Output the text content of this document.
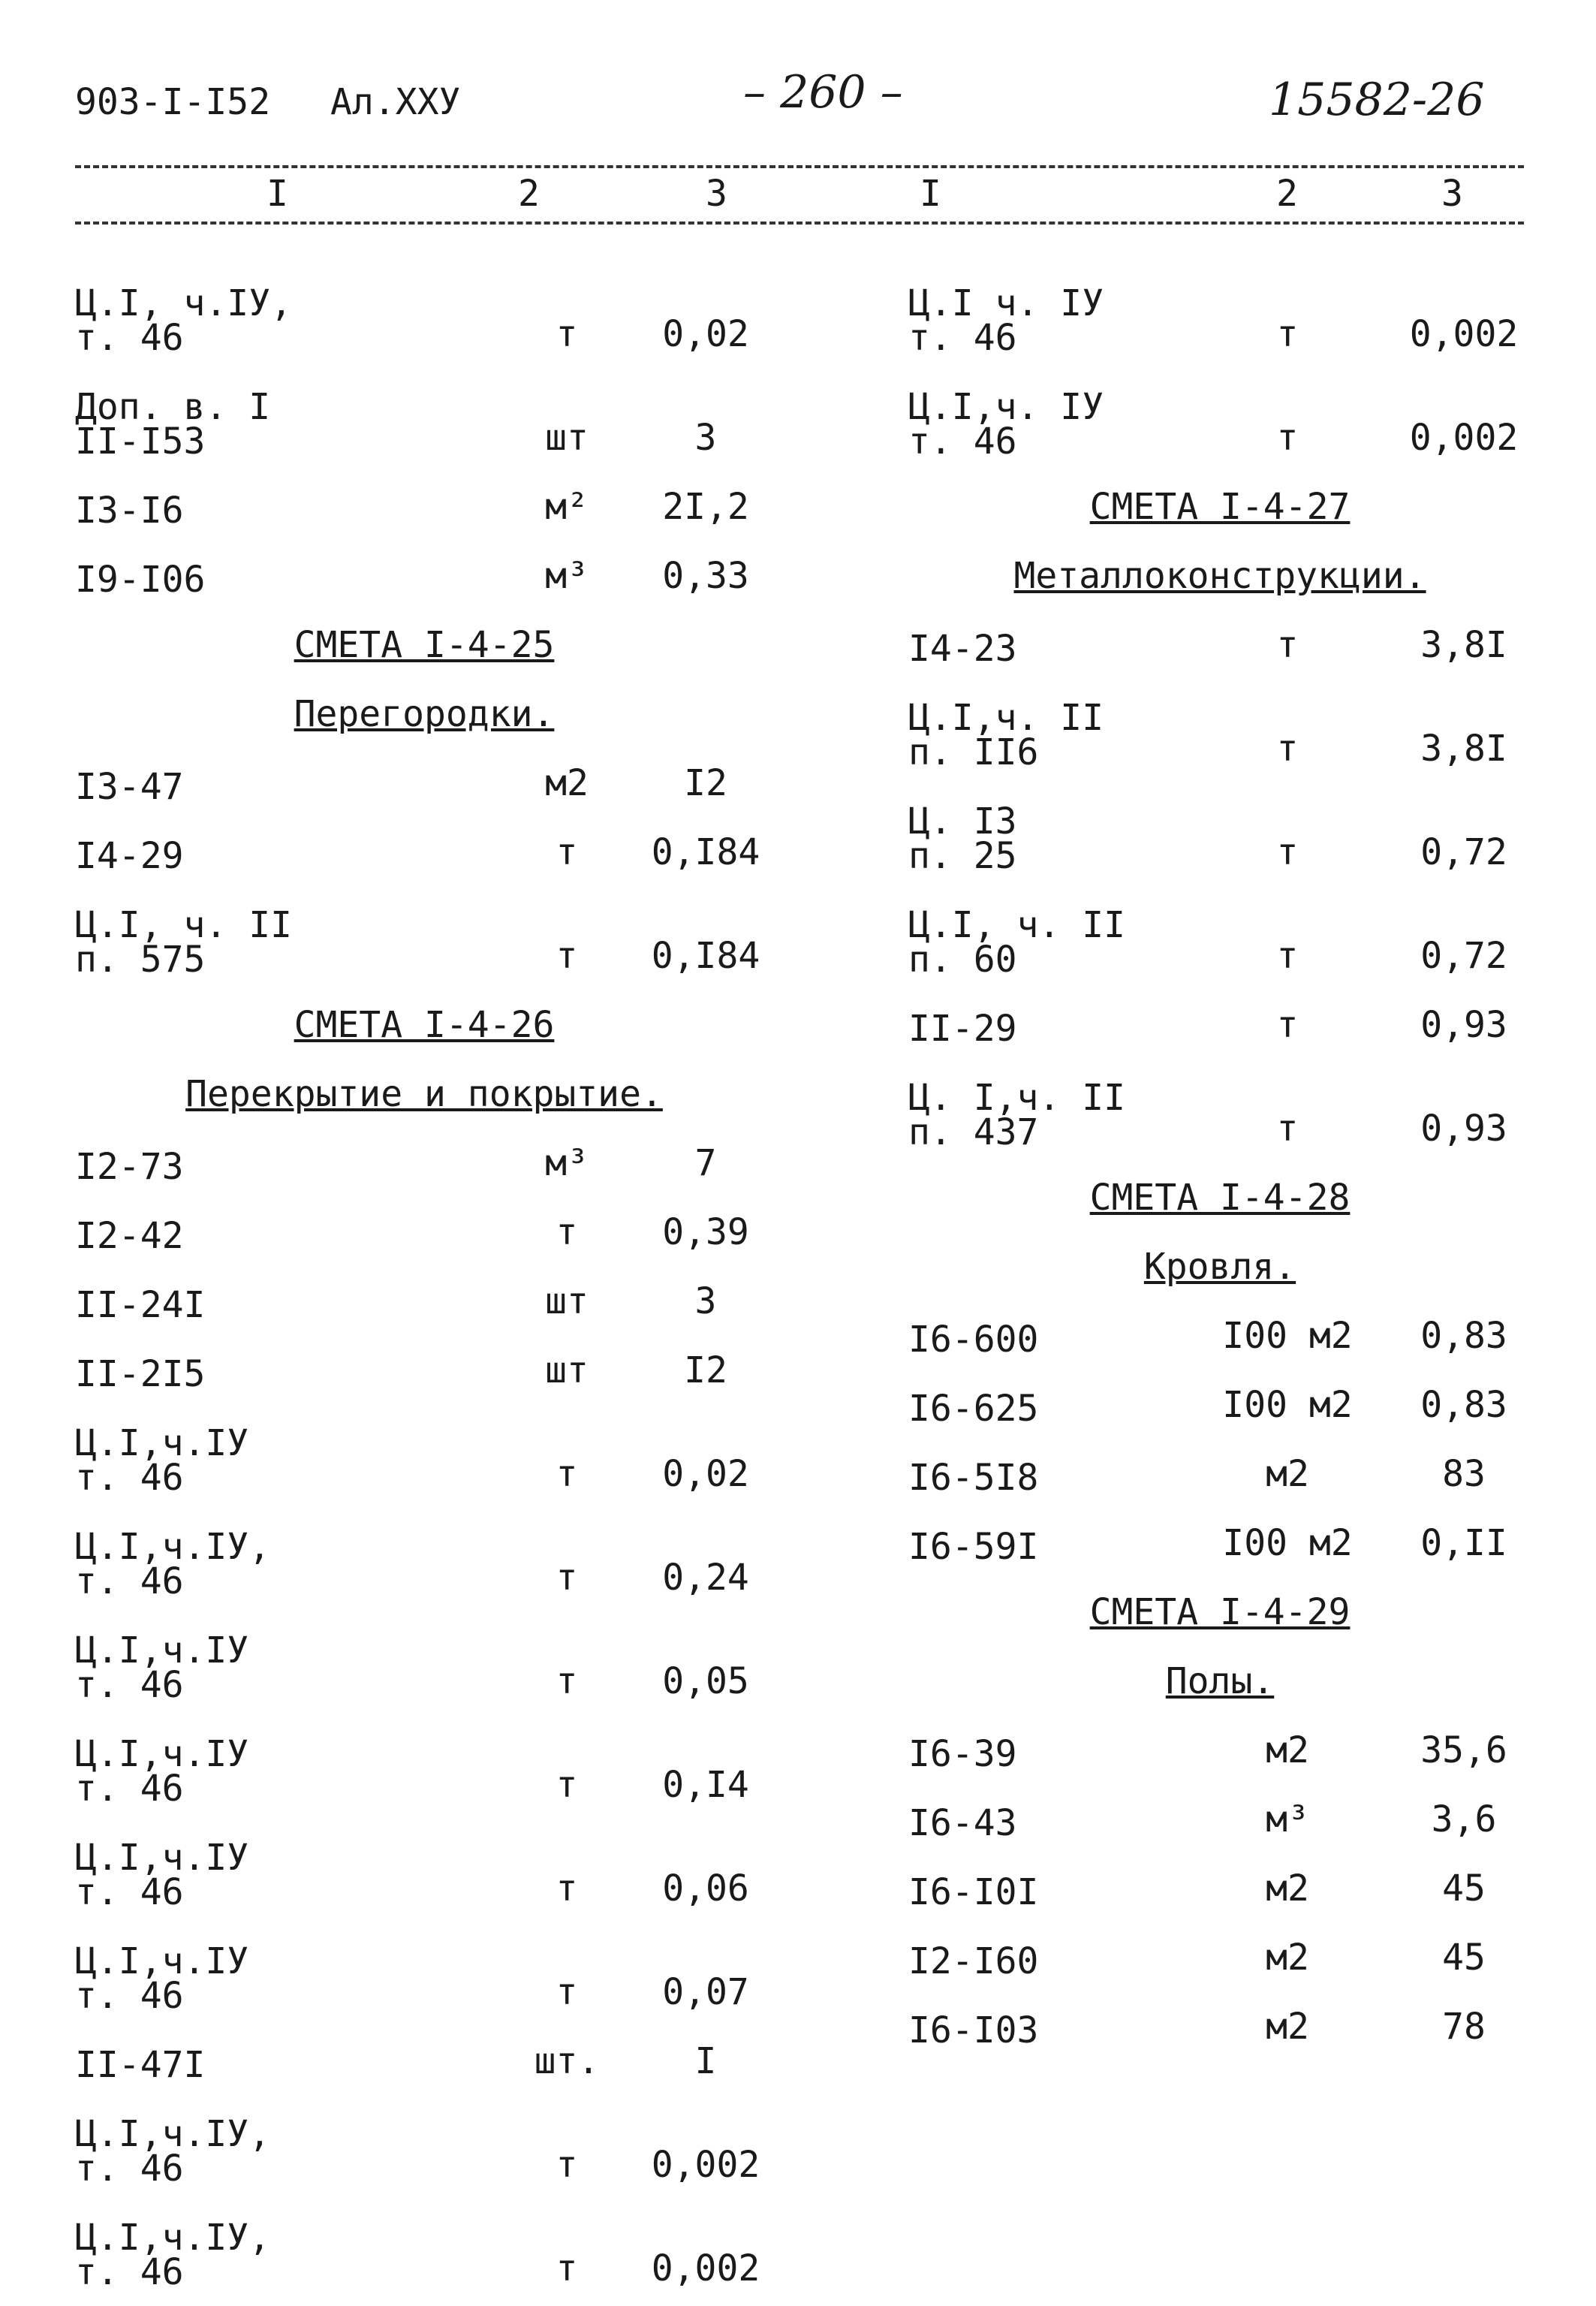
903-I-I52 Ал.ХХУ	– 260 –	15582-26
I	2	3	I	2	3
Ц.I, ч.IУ,
т. 46	т	0,02
Доп. в. I
II-I53	шт	3
I3-I6	м²	2I,2
I9-I06	м³	0,33
СМЕТА I-4-25
Перегородки.
I3-47	м2	I2
I4-29	т	0,I84
Ц.I, ч. II
п. 575	т	0,I84
СМЕТА I-4-26
Перекрытие и покрытие.
I2-73	м³	7
I2-42	т	0,39
II-24I	шт	3
II-2I5	шт	I2
Ц.I,ч.IУ
т. 46	т	0,02
Ц.I,ч.IУ,
т. 46	т	0,24
Ц.I,ч.IУ
т. 46	т	0,05
Ц.I,ч.IУ
т. 46	т	0,I4
Ц.I,ч.IУ
т. 46	т	0,06
Ц.I,ч.IУ
т. 46	т	0,07
II-47I	шт.	I
Ц.I,ч.IУ,
т. 46	т	0,002
Ц.I,ч.IУ,
т. 46	т	0,002
Ц.I ч. IУ
т. 46	т	0,002
Ц.I,ч. IУ
т. 46	т	0,002
СМЕТА I-4-27
Металлоконструкции.
I4-23	т	3,8I
Ц.I,ч. II
п. II6	т	3,8I
Ц. I3
п. 25	т	0,72
Ц.I, ч. II
п. 60	т	0,72
II-29	т	0,93
Ц. I,ч. II
п. 437	т	0,93
СМЕТА I-4-28
Кровля.
I6-600	I00 м2	0,83
I6-625	I00 м2	0,83
I6-5I8	м2	83
I6-59I	I00 м2	0,II
СМЕТА I-4-29
Полы.
I6-39	м2	35,6
I6-43	м³	3,6
I6-I0I	м2	45
I2-I60	м2	45
I6-I03	м2	78
